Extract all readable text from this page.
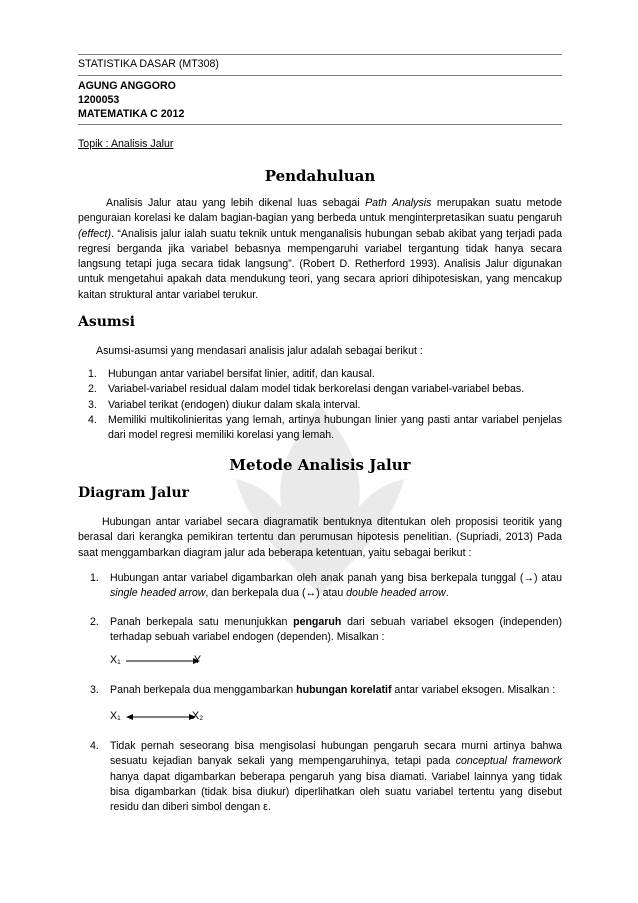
STATISTIKA DASAR (MT308)
AGUNG ANGGORO
1200053
MATEMATIKA C 2012
Topik : Analisis Jalur
Pendahuluan
Analisis Jalur atau yang lebih dikenal luas sebagai Path Analysis merupakan suatu metode penguraian korelasi ke dalam bagian-bagian yang berbeda untuk menginterpretasikan suatu pengaruh (effect). “Analisis jalur ialah suatu teknik untuk menganalisis hubungan sebab akibat yang terjadi pada regresi berganda jika variabel bebasnya mempengaruhi variabel tergantung tidak hanya secara langsung tetapi juga secara tidak langsung”. (Robert D. Retherford 1993). Analisis Jalur digunakan untuk mengetahui apakah data mendukung teori, yang secara apriori dihipotesiskan, yang mencakup kaitan struktural antar variabel terukur.
Asumsi
Asumsi-asumsi yang mendasari analisis jalur adalah sebagai berikut :
1. Hubungan antar variabel bersifat linier, aditif, dan kausal.
2. Variabel-variabel residual dalam model tidak berkorelasi dengan variabel-variabel bebas.
3. Variabel terikat (endogen) diukur dalam skala interval.
4. Memiliki multikolinieritas yang lemah, artinya hubungan linier yang pasti antar variabel penjelas dari model regresi memiliki korelasi yang lemah.
Metode Analisis Jalur
Diagram Jalur
Hubungan antar variabel secara diagramatik bentuknya ditentukan oleh proposisi teoritik yang berasal dari kerangka pemikiran tertentu dan perumusan hipotesis penelitian. (Supriadi, 2013) Pada saat menggambarkan diagram jalur ada beberapa ketentuan, yaitu sebagai berikut :
1. Hubungan antar variabel digambarkan oleh anak panah yang bisa berkepala tunggal (→) atau single headed arrow, dan berkepala dua (↔) atau double headed arrow.
2. Panah berkepala satu menunjukkan pengaruh dari sebuah variabel eksogen (independen) terhadap sebuah variabel endogen (dependen). Misalkan :
X₁	Y
3. Panah berkepala dua menggambarkan hubungan korelatif antar variabel eksogen. Misalkan :
X₁	X₂
4. Tidak pernah seseorang bisa mengisolasi hubungan pengaruh secara murni artinya bahwa sesuatu kejadian banyak sekali yang mempengaruhinya, tetapi pada conceptual framework hanya dapat digambarkan beberapa pengaruh yang bisa diamati. Variabel lainnya yang tidak bisa digambarkan (tidak bisa diukur) diperlihatkan oleh suatu variabel tertentu yang disebut residu dan diberi simbol dengan ε.
